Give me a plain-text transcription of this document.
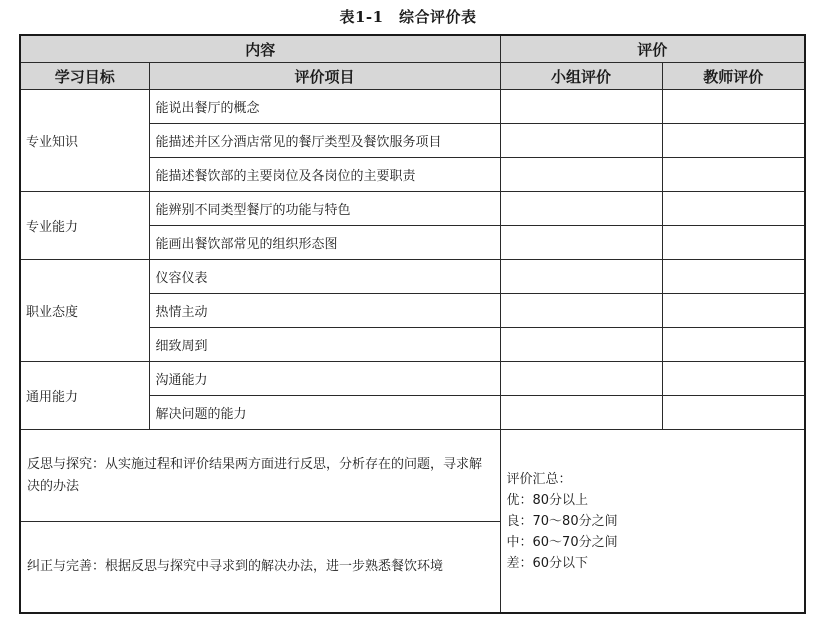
表1-1　综合评价表
内容		评价	
学习目标	评价项目	小组评价	教师评价
专业知识	能说出餐厅的概念		
	能描述并区分酒店常见的餐厅类型及餐饮服务项目		
	能描述餐饮部的主要岗位及各岗位的主要职责		
专业能力	能辨别不同类型餐厅的功能与特色		
	能画出餐饮部常见的组织形态图		
职业态度	仪容仪表		
	热情主动		
	细致周到		
通用能力	沟通能力		
	解决问题的能力		
反思与探究：从实施过程和评价结果两方面进行反思，分析存在的问题，寻求解决的办法		评价汇总：
优：80分以上
良：70～80分之间
中：60～70分之间
差：60分以下	

纠正与完善：根据反思与探究中寻求到的解决办法，进一步熟悉餐饮环境			
